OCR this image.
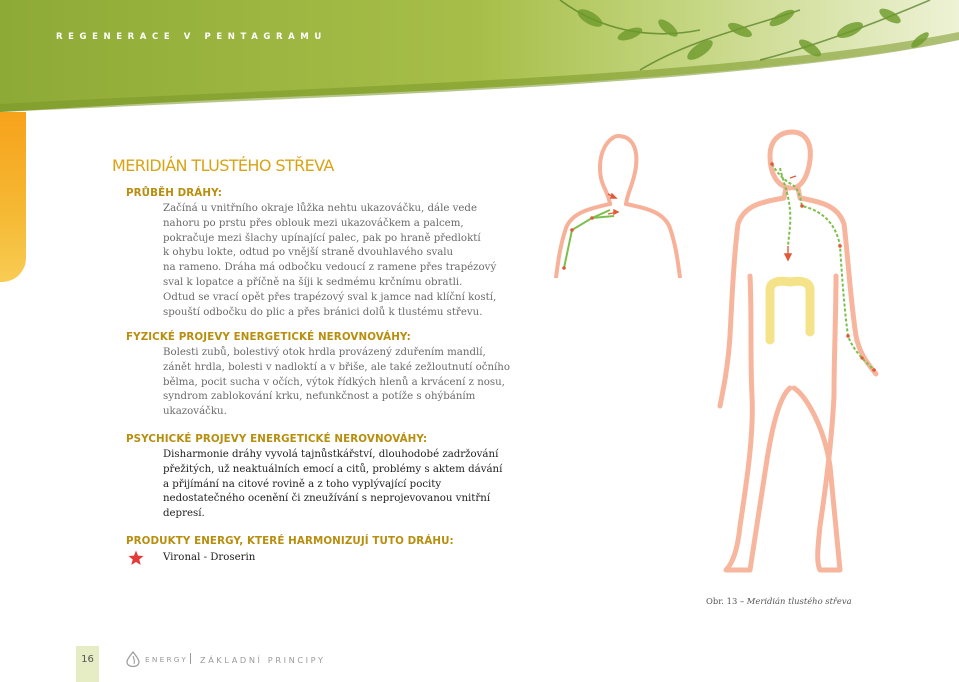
REGENERACE V PENTAGRAMU
MERIDIÁN TLUSTÉHO STŘEVA
PRŮBĚH DRÁHY:
Začíná u vnitřního okraje lůžka nehtu ukazováčku, dále vede
nahoru po prstu přes oblouk mezi ukazováčkem a palcem,
pokračuje mezi šlachy upínající palec, pak po hraně předloktí
k ohybu lokte, odtud po vnější straně dvouhlavého svalu
na rameno. Dráha má odbočku vedoucí z ramene přes trapézový
sval k lopatce a příčně na šíji k sedmému krčnímu obratli.
Odtud se vrací opět přes trapézový sval k jamce nad klíční kostí,
spouští odbočku do plic a přes bránici dolů k tlustému střevu.
FYZICKÉ PROJEVY ENERGETICKÉ NEROVNOVÁHY:
Bolesti zubů, bolestivý otok hrdla provázený zduřením mandlí,
zánět hrdla, bolesti v nadloktí a v břiše, ale také zežloutnutí očního
bělma, pocit sucha v očích, výtok řídkých hlenů a krvácení z nosu,
syndrom zablokování krku, nefunkčnost a potíže s ohýbáním
ukazováčku.
PSYCHICKÉ PROJEVY ENERGETICKÉ NEROVNOVÁHY:
Disharmonie dráhy vyvolá tajnůstkářství, dlouhodobé zadržování
přežitých, už neaktuálních emocí a citů, problémy s aktem dávání
a přijímání na citové rovině a z toho vyplývající pocity
nedostatečného ocenění či zneužívání s neprojevovanou vnitřní
depresí.
PRODUKTY ENERGY, KTERÉ HARMONIZUJÍ TUTO DRÁHU:
Vironal - Droserin
Obr. 13 – Meridián tlustého střeva
16	ENERGY ZÁKLADNÍ PRINCIPY
